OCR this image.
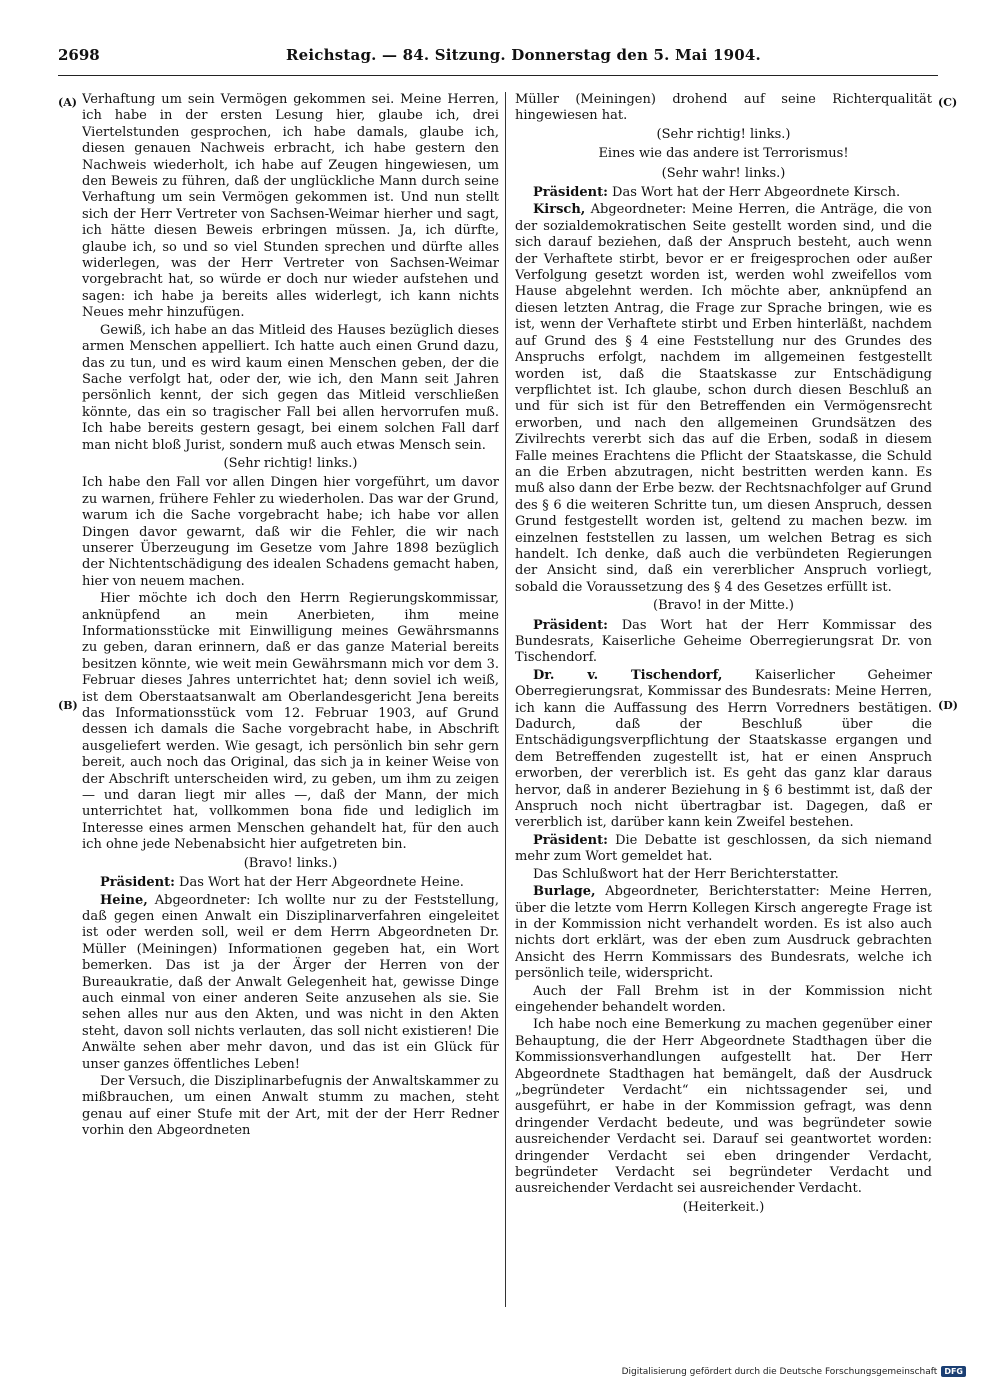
2698	Reichstag. — 84. Sitzung. Donnerstag den 5. Mai 1904.
(A)
(B)
(C)
(D)

Verhaftung um sein Vermögen gekommen sei. Meine Herren, ich habe in der ersten Lesung hier, glaube ich, drei Viertelstunden gesprochen, ich habe damals, glaube ich, diesen genauen Nachweis erbracht, ich habe gestern den Nachweis wiederholt, ich habe auf Zeugen hingewiesen, um den Beweis zu führen, daß der unglückliche Mann durch seine Verhaftung um sein Vermögen gekommen ist. Und nun stellt sich der Herr Vertreter von Sachsen-Weimar hierher und sagt, ich hätte diesen Beweis erbringen müssen. Ja, ich dürfte, glaube ich, so und so viel Stunden sprechen und dürfte alles widerlegen, was der Herr Vertreter von Sachsen-Weimar vorgebracht hat, so würde er doch nur wieder aufstehen und sagen: ich habe ja bereits alles widerlegt, ich kann nichts Neues mehr hinzufügen.

Gewiß, ich habe an das Mitleid des Hauses bezüglich dieses armen Menschen appelliert. Ich hatte auch einen Grund dazu, das zu tun, und es wird kaum einen Menschen geben, der die Sache verfolgt hat, oder der, wie ich, den Mann seit Jahren persönlich kennt, der sich gegen das Mitleid verschließen könnte, das ein so tragischer Fall bei allen hervorrufen muß. Ich habe bereits gestern gesagt, bei einem solchen Fall darf man nicht bloß Jurist, sondern muß auch etwas Mensch sein.

(Sehr richtig! links.)

Ich habe den Fall vor allen Dingen hier vorgeführt, um davor zu warnen, frühere Fehler zu wiederholen. Das war der Grund, warum ich die Sache vorgebracht habe; ich habe vor allen Dingen davor gewarnt, daß wir die Fehler, die wir nach unserer Überzeugung im Gesetze vom Jahre 1898 bezüglich der Nichtentschädigung des idealen Schadens gemacht haben, hier von neuem machen.

Hier möchte ich doch den Herrn Regierungskommissar, anknüpfend an mein Anerbieten, ihm meine Informationsstücke mit Einwilligung meines Gewährsmanns zu geben, daran erinnern, daß er das ganze Material bereits besitzen könnte, wie weit mein Gewährsmann mich vor dem 3. Februar dieses Jahres unterrichtet hat; denn soviel ich weiß, ist dem Oberstaatsanwalt am Oberlandesgericht Jena bereits das Informationsstück vom 12. Februar 1903, auf Grund dessen ich damals die Sache vorgebracht habe, in Abschrift ausgeliefert werden. Wie gesagt, ich persönlich bin sehr gern bereit, auch noch das Original, das sich ja in keiner Weise von der Abschrift unterscheiden wird, zu geben, um ihm zu zeigen — und daran liegt mir alles —, daß der Mann, der mich unterrichtet hat, vollkommen bona fide und lediglich im Interesse eines armen Menschen gehandelt hat, für den auch ich ohne jede Nebenabsicht hier aufgetreten bin.

(Bravo! links.)

Präsident: Das Wort hat der Herr Abgeordnete Heine.

Heine, Abgeordneter: Ich wollte nur zu der Feststellung, daß gegen einen Anwalt ein Disziplinarverfahren eingeleitet ist oder werden soll, weil er dem Herrn Abgeordneten Dr. Müller (Meiningen) Informationen gegeben hat, ein Wort bemerken. Das ist ja der Ärger der Herren von der Bureaukratie, daß der Anwalt Gelegenheit hat, gewisse Dinge auch einmal von einer anderen Seite anzusehen als sie. Sie sehen alles nur aus den Akten, und was nicht in den Akten steht, davon soll nichts verlauten, das soll nicht existieren! Die Anwälte sehen aber mehr davon, und das ist ein Glück für unser ganzes öffentliches Leben!

Der Versuch, die Disziplinarbefugnis der Anwaltskammer zu mißbrauchen, um einen Anwalt stumm zu machen, steht genau auf einer Stufe mit der Art, mit der der Herr Redner vorhin den Abgeordneten

Müller (Meiningen) drohend auf seine Richterqualität hingewiesen hat.

(Sehr richtig! links.)

Eines wie das andere ist Terrorismus!

(Sehr wahr! links.)

Präsident: Das Wort hat der Herr Abgeordnete Kirsch.

Kirsch, Abgeordneter: Meine Herren, die Anträge, die von der sozialdemokratischen Seite gestellt worden sind, und die sich darauf beziehen, daß der Anspruch besteht, auch wenn der Verhaftete stirbt, bevor er er freigesprochen oder außer Verfolgung gesetzt worden ist, werden wohl zweifellos vom Hause abgelehnt werden. Ich möchte aber, anknüpfend an diesen letzten Antrag, die Frage zur Sprache bringen, wie es ist, wenn der Verhaftete stirbt und Erben hinterläßt, nachdem auf Grund des § 4 eine Feststellung nur des Grundes des Anspruchs erfolgt, nachdem im allgemeinen festgestellt worden ist, daß die Staatskasse zur Entschädigung verpflichtet ist. Ich glaube, schon durch diesen Beschluß an und für sich ist für den Betreffenden ein Vermögensrecht erworben, und nach den allgemeinen Grundsätzen des Zivilrechts vererbt sich das auf die Erben, sodaß in diesem Falle meines Erachtens die Pflicht der Staatskasse, die Schuld an die Erben abzutragen, nicht bestritten werden kann. Es muß also dann der Erbe bezw. der Rechtsnachfolger auf Grund des § 6 die weiteren Schritte tun, um diesen Anspruch, dessen Grund festgestellt worden ist, geltend zu machen bezw. im einzelnen feststellen zu lassen, um welchen Betrag es sich handelt. Ich denke, daß auch die verbündeten Regierungen der Ansicht sind, daß ein vererblicher Anspruch vorliegt, sobald die Voraussetzung des § 4 des Gesetzes erfüllt ist.

(Bravo! in der Mitte.)

Präsident: Das Wort hat der Herr Kommissar des Bundesrats, Kaiserliche Geheime Oberregierungsrat Dr. von Tischendorf.

Dr. v. Tischendorf, Kaiserlicher Geheimer Oberregierungsrat, Kommissar des Bundesrats: Meine Herren, ich kann die Auffassung des Herrn Vorredners bestätigen. Dadurch, daß der Beschluß über die Entschädigungsverpflichtung der Staatskasse ergangen und dem Betreffenden zugestellt ist, hat er einen Anspruch erworben, der vererblich ist. Es geht das ganz klar daraus hervor, daß in anderer Beziehung in § 6 bestimmt ist, daß der Anspruch noch nicht übertragbar ist. Dagegen, daß er vererblich ist, darüber kann kein Zweifel bestehen.

Präsident: Die Debatte ist geschlossen, da sich niemand mehr zum Wort gemeldet hat.

Das Schlußwort hat der Herr Berichterstatter.

Burlage, Abgeordneter, Berichterstatter: Meine Herren, über die letzte vom Herrn Kollegen Kirsch angeregte Frage ist in der Kommission nicht verhandelt worden. Es ist also auch nichts dort erklärt, was der eben zum Ausdruck gebrachten Ansicht des Herrn Kommissars des Bundesrats, welche ich persönlich teile, widerspricht.

Auch der Fall Brehm ist in der Kommission nicht eingehender behandelt worden.

Ich habe noch eine Bemerkung zu machen gegenüber einer Behauptung, die der Herr Abgeordnete Stadthagen über die Kommissionsverhandlungen aufgestellt hat. Der Herr Abgeordnete Stadthagen hat bemängelt, daß der Ausdruck „begründeter Verdacht“ ein nichtssagender sei, und ausgeführt, er habe in der Kommission gefragt, was denn dringender Verdacht bedeute, und was begründeter sowie ausreichender Verdacht sei. Darauf sei geantwortet worden: dringender Verdacht sei eben dringender Verdacht, begründeter Verdacht sei begründeter Verdacht und ausreichender Verdacht sei ausreichender Verdacht.

(Heiterkeit.)

Digitalisierung gefördert durch die Deutsche Forschungsgemeinschaft DFG
